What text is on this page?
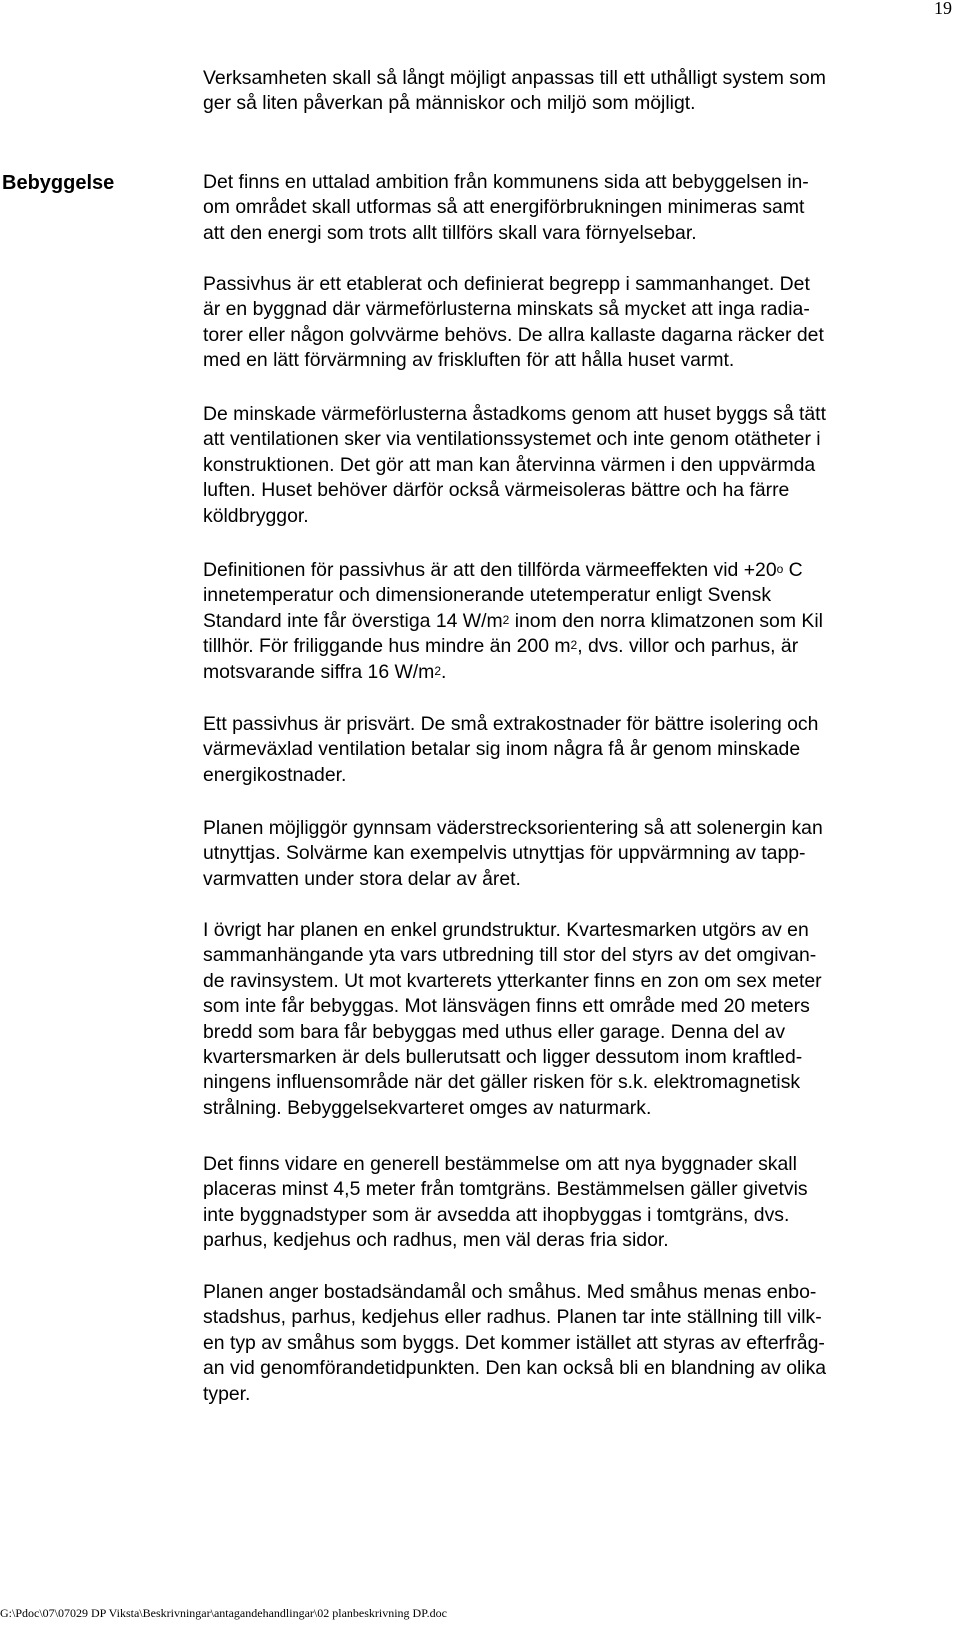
19
Bebyggelse
Verksamheten skall så långt möjligt anpassas till ett uthålligt system som
ger så liten påverkan på människor och miljö som möjligt.
Det finns en uttalad ambition från kommunens sida att bebyggelsen in-
om området skall utformas så att energiförbrukningen minimeras samt
att den energi som trots allt tillförs skall vara förnyelsebar.
Passivhus är ett etablerat och definierat begrepp i sammanhanget. Det
är en byggnad där värmeförlusterna minskats så mycket att inga radia-
torer eller någon golvvärme behövs. De allra kallaste dagarna räcker det
med en lätt förvärmning av friskluften för att hålla huset varmt.
De minskade värmeförlusterna åstadkoms genom att huset byggs så tätt
att ventilationen sker via ventilationssystemet och inte genom otätheter i
konstruktionen. Det gör att man kan återvinna värmen i den uppvärmda
luften. Huset behöver därför också värmeisoleras bättre och ha färre
köldbryggor.
Definitionen för passivhus är att den tillförda värmeeffekten vid $+20^o$ C
innetemperatur och dimensionerande utetemperatur enligt Svensk
Standard inte får överstiga 14 $W/m^2$ inom den norra klimatzonen som Kil
tillhör. För friliggande hus mindre än 200 $m^2$, dvs. villor och parhus, är
motsvarande siffra 16 $W/m^2$.
Ett passivhus är prisvärt. De små extrakostnader för bättre isolering och
värmeväxlad ventilation betalar sig inom några få år genom minskade
energikostnader.
Planen möjliggör gynnsam väderstrecksorientering så att solenergin kan
utnyttjas. Solvärme kan exempelvis utnyttjas för uppvärmning av tapp-
varmvatten under stora delar av året.
I övrigt har planen en enkel grundstruktur. Kvartesmarken utgörs av en
sammanhängande yta vars utbredning till stor del styrs av det omgivan-
de ravinsystem. Ut mot kvarterets ytterkanter finns en zon om sex meter
som inte får bebyggas. Mot länsvägen finns ett område med 20 meters
bredd som bara får bebyggas med uthus eller garage. Denna del av
kvartersmarken är dels bullerutsatt och ligger dessutom inom kraftled-
ningens influensområde när det gäller risken för s.k. elektromagnetisk
strålning. Bebyggelsekvarteret omges av naturmark.
Det finns vidare en generell bestämmelse om att nya byggnader skall
placeras minst 4,5 meter från tomtgräns. Bestämmelsen gäller givetvis
inte byggnadstyper som är avsedda att ihopbyggas i tomtgräns, dvs.
parhus, kedjehus och radhus, men väl deras fria sidor.
Planen anger bostadsändamål och småhus. Med småhus menas enbo-
stadshus, parhus, kedjehus eller radhus. Planen tar inte ställning till vilk-
en typ av småhus som byggs. Det kommer istället att styras av efterfråg-
an vid genomförandetidpunkten. Den kan också bli en blandning av olika
typer.
G:\Pdoc\07\07029 DP Viksta\Beskrivningar\antagandehandlingar\02 planbeskrivning DP.doc
